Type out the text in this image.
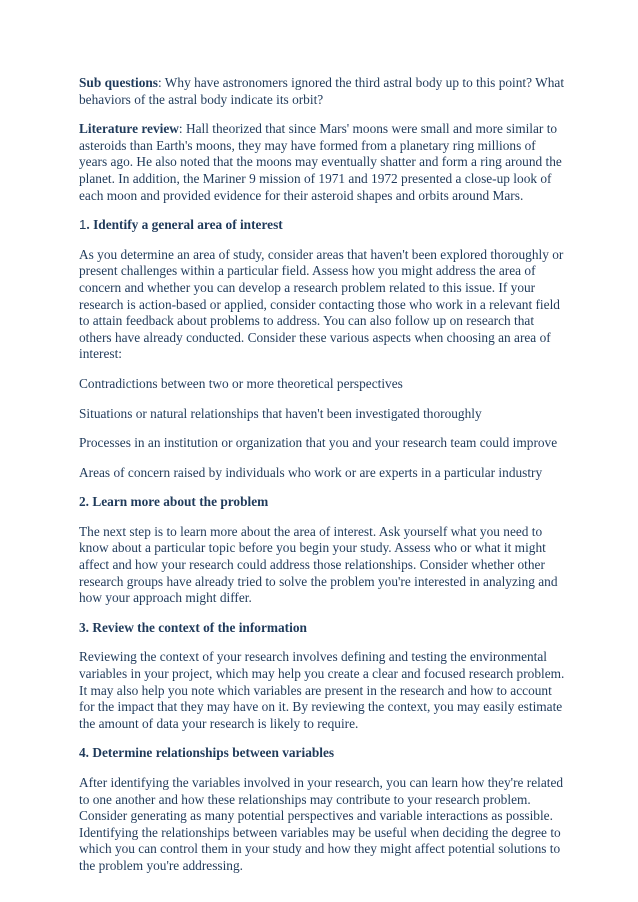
Sub questions: Why have astronomers ignored the third astral body up to this point? What behaviors of the astral body indicate its orbit?

Literature review: Hall theorized that since Mars' moons were small and more similar to asteroids than Earth's moons, they may have formed from a planetary ring millions of years ago. He also noted that the moons may eventually shatter and form a ring around the planet. In addition, the Mariner 9 mission of 1971 and 1972 presented a close-up look of each moon and provided evidence for their asteroid shapes and orbits around Mars.

1. Identify a general area of interest

As you determine an area of study, consider areas that haven't been explored thoroughly or present challenges within a particular field. Assess how you might address the area of concern and whether you can develop a research problem related to this issue. If your research is action-based or applied, consider contacting those who work in a relevant field to attain feedback about problems to address. You can also follow up on research that others have already conducted. Consider these various aspects when choosing an area of interest:

Contradictions between two or more theoretical perspectives

Situations or natural relationships that haven't been investigated thoroughly

Processes in an institution or organization that you and your research team could improve

Areas of concern raised by individuals who work or are experts in a particular industry

2. Learn more about the problem

The next step is to learn more about the area of interest. Ask yourself what you need to know about a particular topic before you begin your study. Assess who or what it might affect and how your research could address those relationships. Consider whether other research groups have already tried to solve the problem you're interested in analyzing and how your approach might differ.

3. Review the context of the information

Reviewing the context of your research involves defining and testing the environmental variables in your project, which may help you create a clear and focused research problem. It may also help you note which variables are present in the research and how to account for the impact that they may have on it. By reviewing the context, you may easily estimate the amount of data your research is likely to require.

4. Determine relationships between variables

After identifying the variables involved in your research, you can learn how they're related to one another and how these relationships may contribute to your research problem. Consider generating as many potential perspectives and variable interactions as possible. Identifying the relationships between variables may be useful when deciding the degree to which you can control them in your study and how they might affect potential solutions to the problem you're addressing.
